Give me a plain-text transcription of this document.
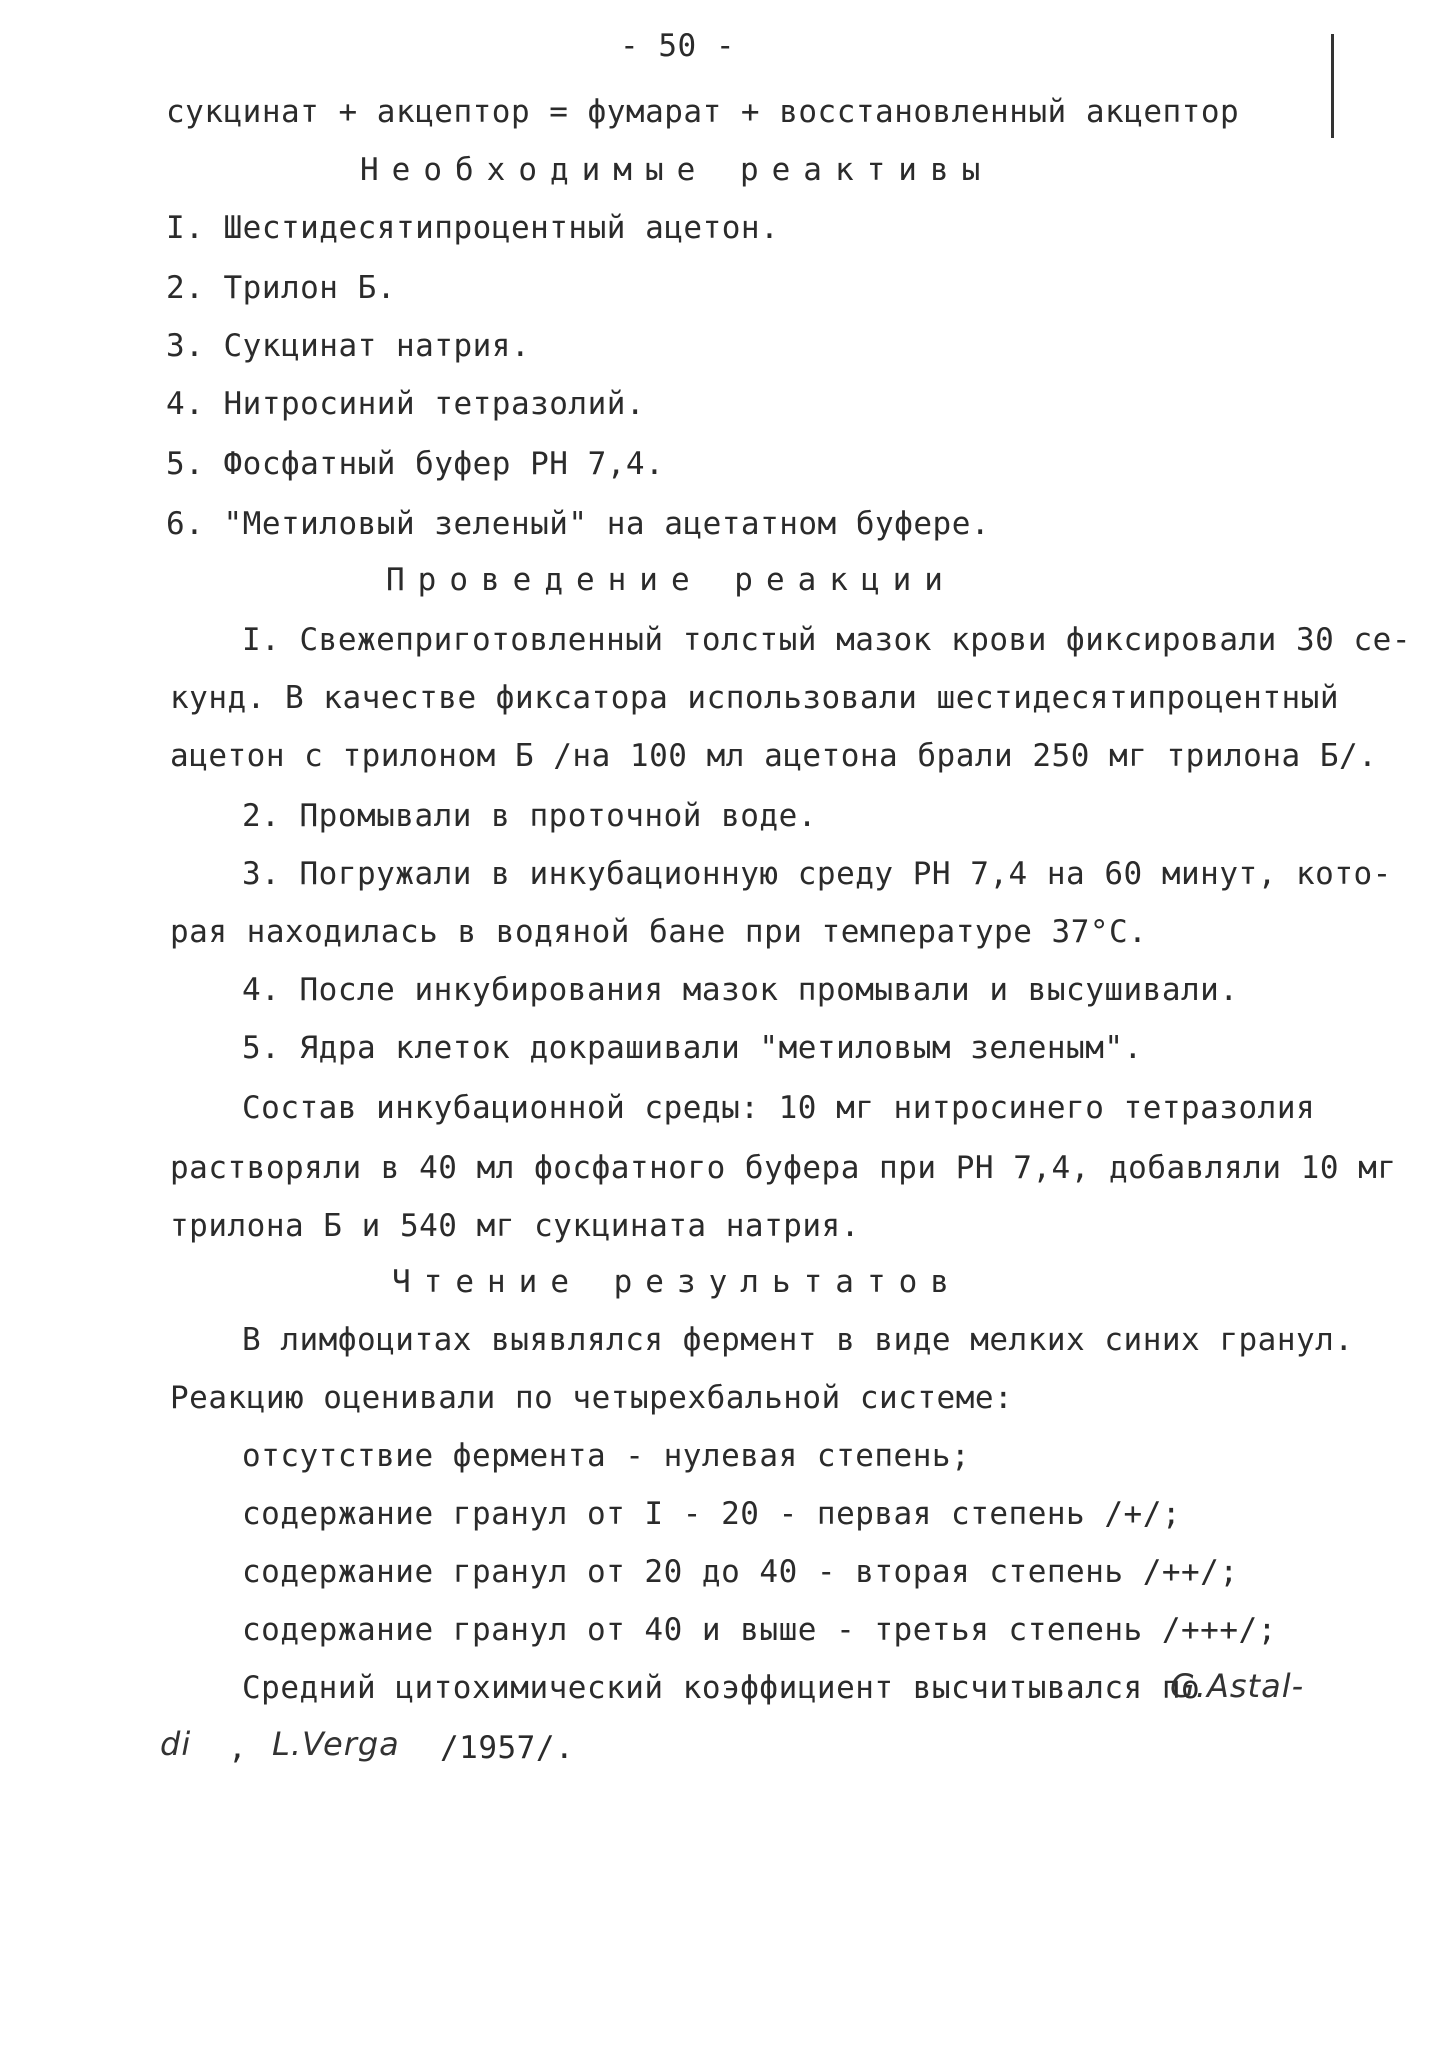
- 50 -
сукцинат + акцептор = фумарат + восстановленный акцептор
Необходимые реактивы
I. Шестидесятипроцентный ацетон.
2. Трилон Б.
3. Сукцинат натрия.
4. Нитросиний тетразолий.
5. Фосфатный буфер РН 7,4.
6. "Метиловый зеленый" на ацетатном буфере.
Проведение реакции
I. Свежеприготовленный толстый мазок крови фиксировали 30 се-
кунд. В качестве фиксатора использовали шестидесятипроцентный
ацетон с трилоном Б /на 100 мл ацетона брали 250 мг трилона Б/.
2. Промывали в проточной воде.
3. Погружали в инкубационную среду РН 7,4 на 60 минут, кото-
рая находилась в водяной бане при температуре 37°С.
4. После инкубирования мазок промывали и высушивали.
5. Ядра клеток докрашивали "метиловым зеленым".
Состав инкубационной среды: 10 мг нитросинего тетразолия
растворяли в 40 мл фосфатного буфера при РН 7,4, добавляли 10 мг
трилона Б и 540 мг сукцината натрия.
Чтение результатов
В лимфоцитах выявлялся фермент в виде мелких синих гранул.
Реакцию оценивали по четырехбальной системе:
отсутствие фермента - нулевая степень;
содержание гранул от I - 20 - первая степень /+/;
содержание гранул от 20 до 40 - вторая степень /++/;
содержание гранул от 40 и выше - третья степень /+++/;
Средний цитохимический коэффициент высчитывался по
G.Astal-
di , L.Verga /1957/.
